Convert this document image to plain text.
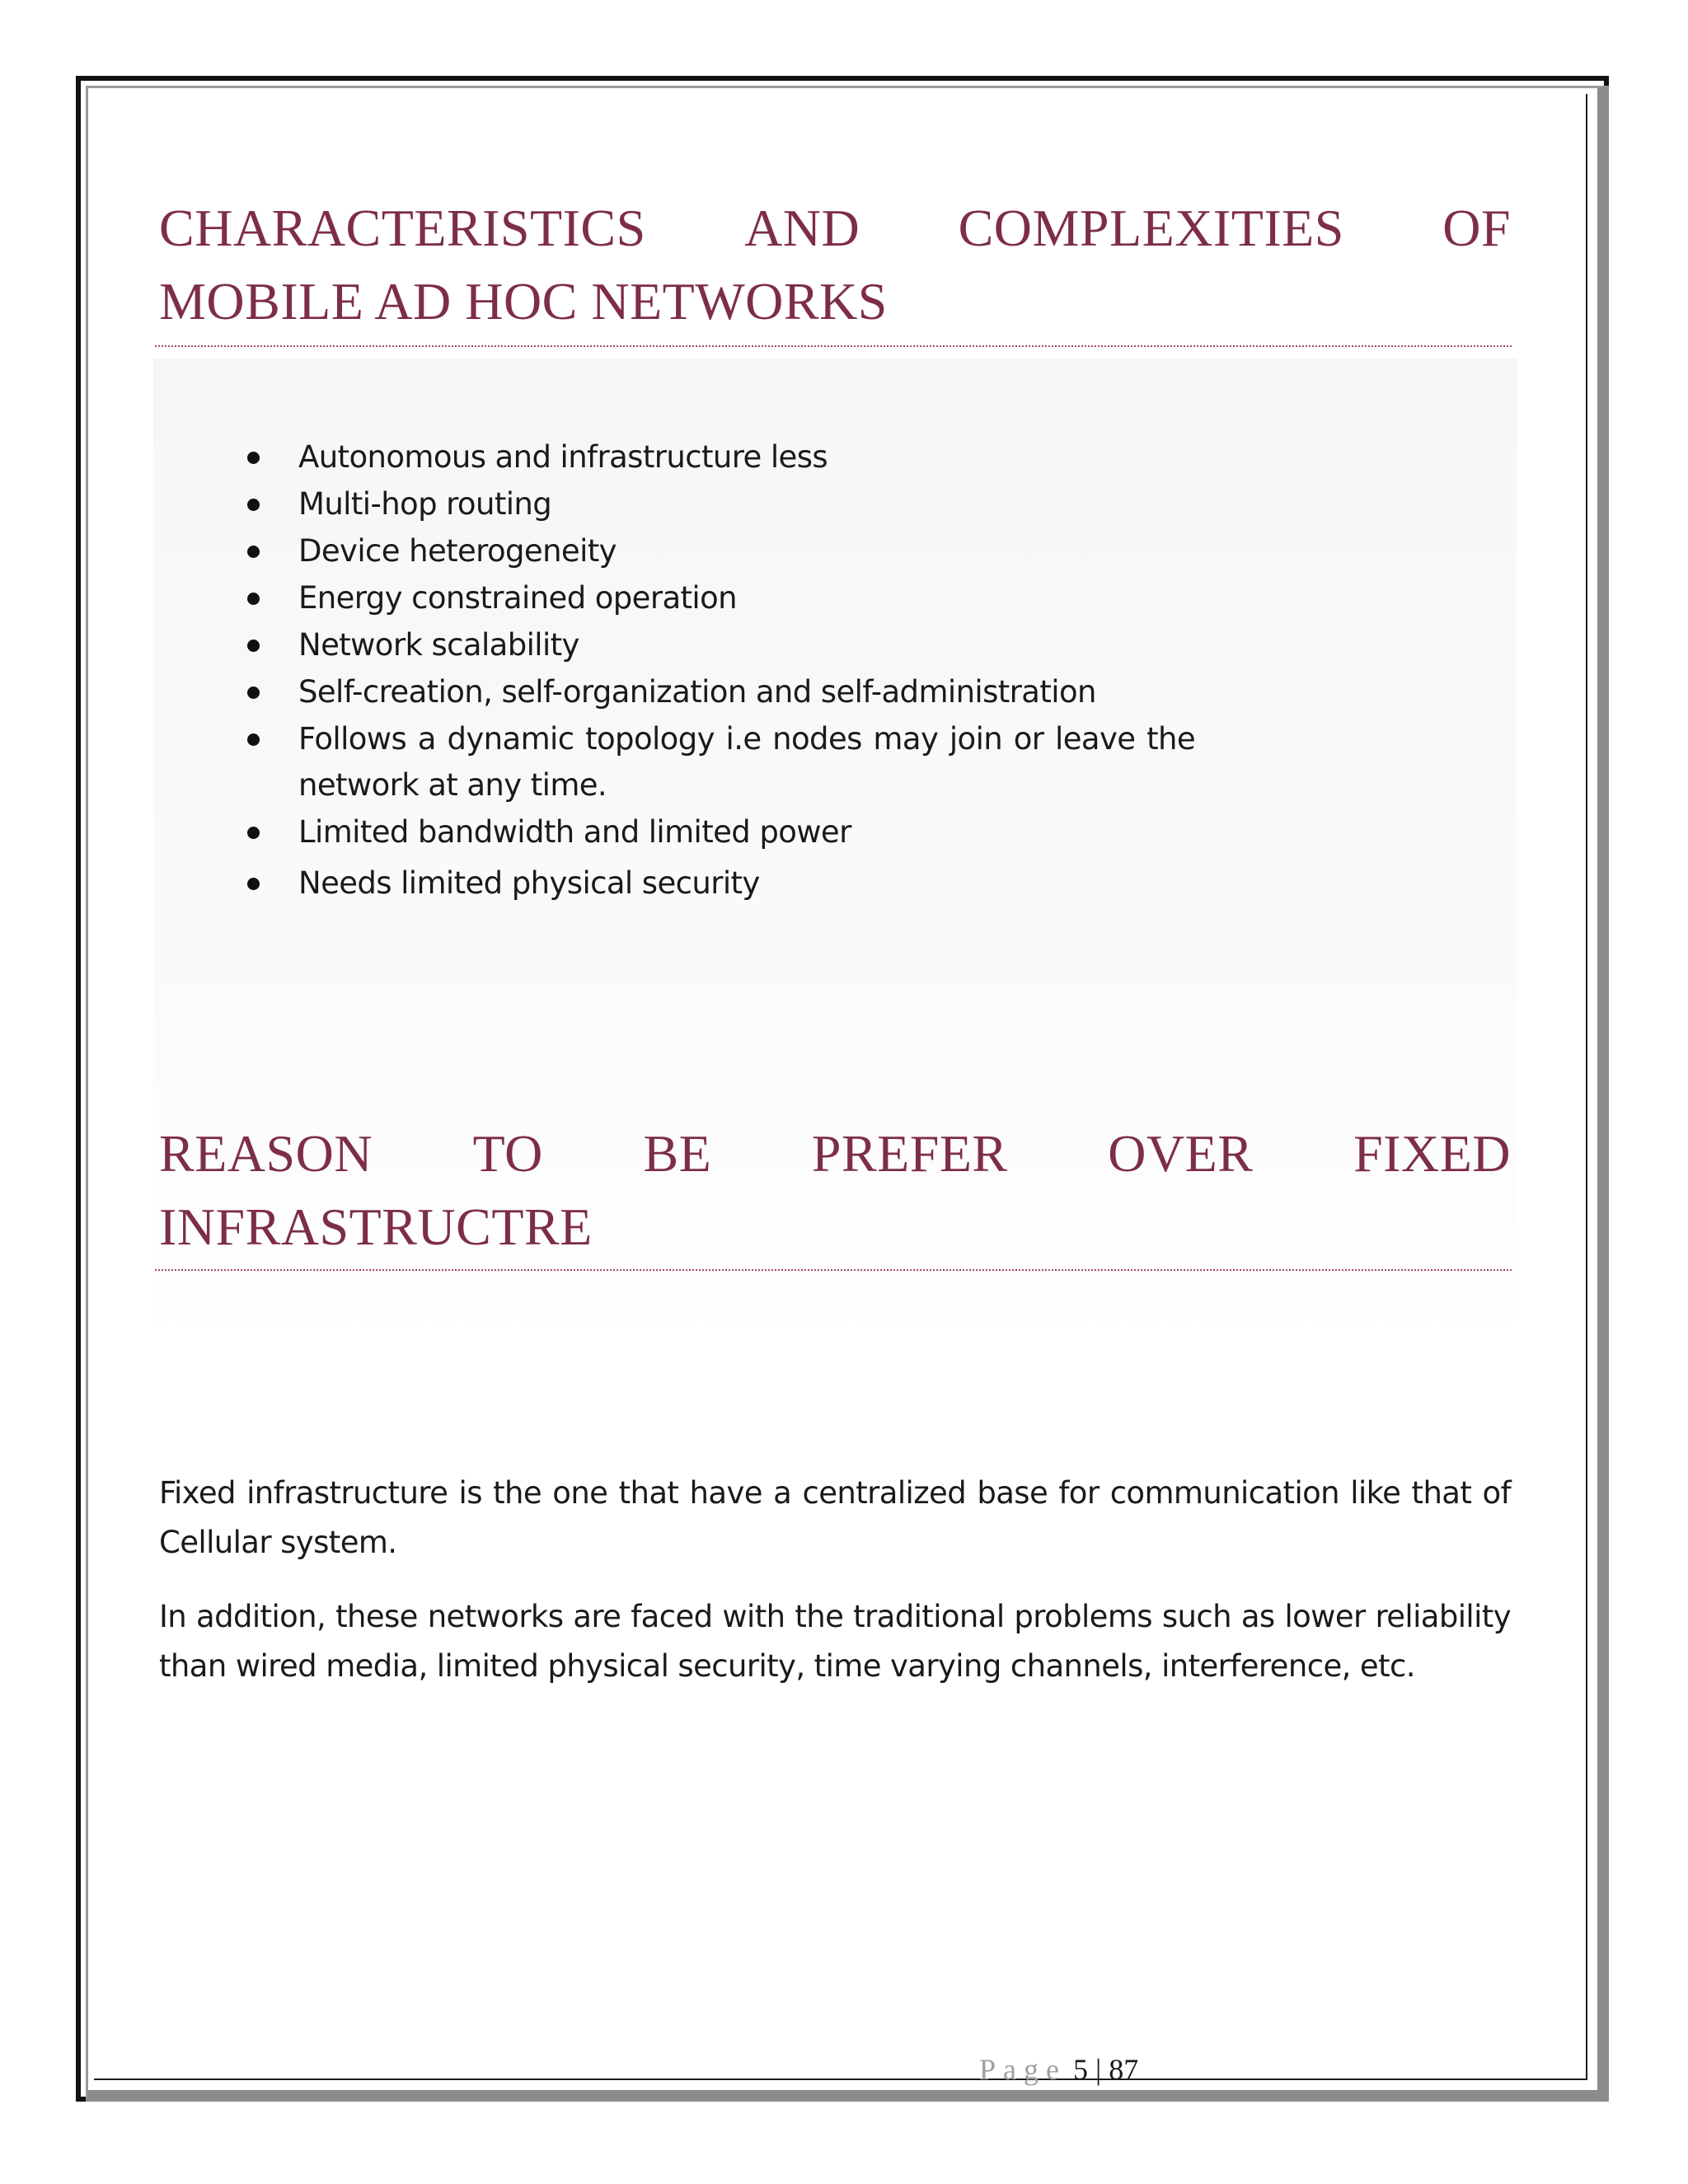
CHARACTERISTICS AND COMPLEXITIES OF
MOBILE AD HOC NETWORKS
Autonomous and infrastructure less
Multi-hop routing
Device heterogeneity
Energy constrained operation
Network scalability
Self-creation, self-organization and self-administration
Follows a dynamic topology i.e nodes may join or leave the network at any time.
Limited bandwidth and limited power
Needs limited physical security
REASON TO BE PREFER OVER FIXED
INFRASTRUCTRE

Fixed infrastructure is the one that have a centralized base for communication like that of Cellular system.

In addition, these networks are faced with the traditional problems such as lower reliability than wired media, limited physical security, time varying channels, interference, etc.

Page 5 | 87
